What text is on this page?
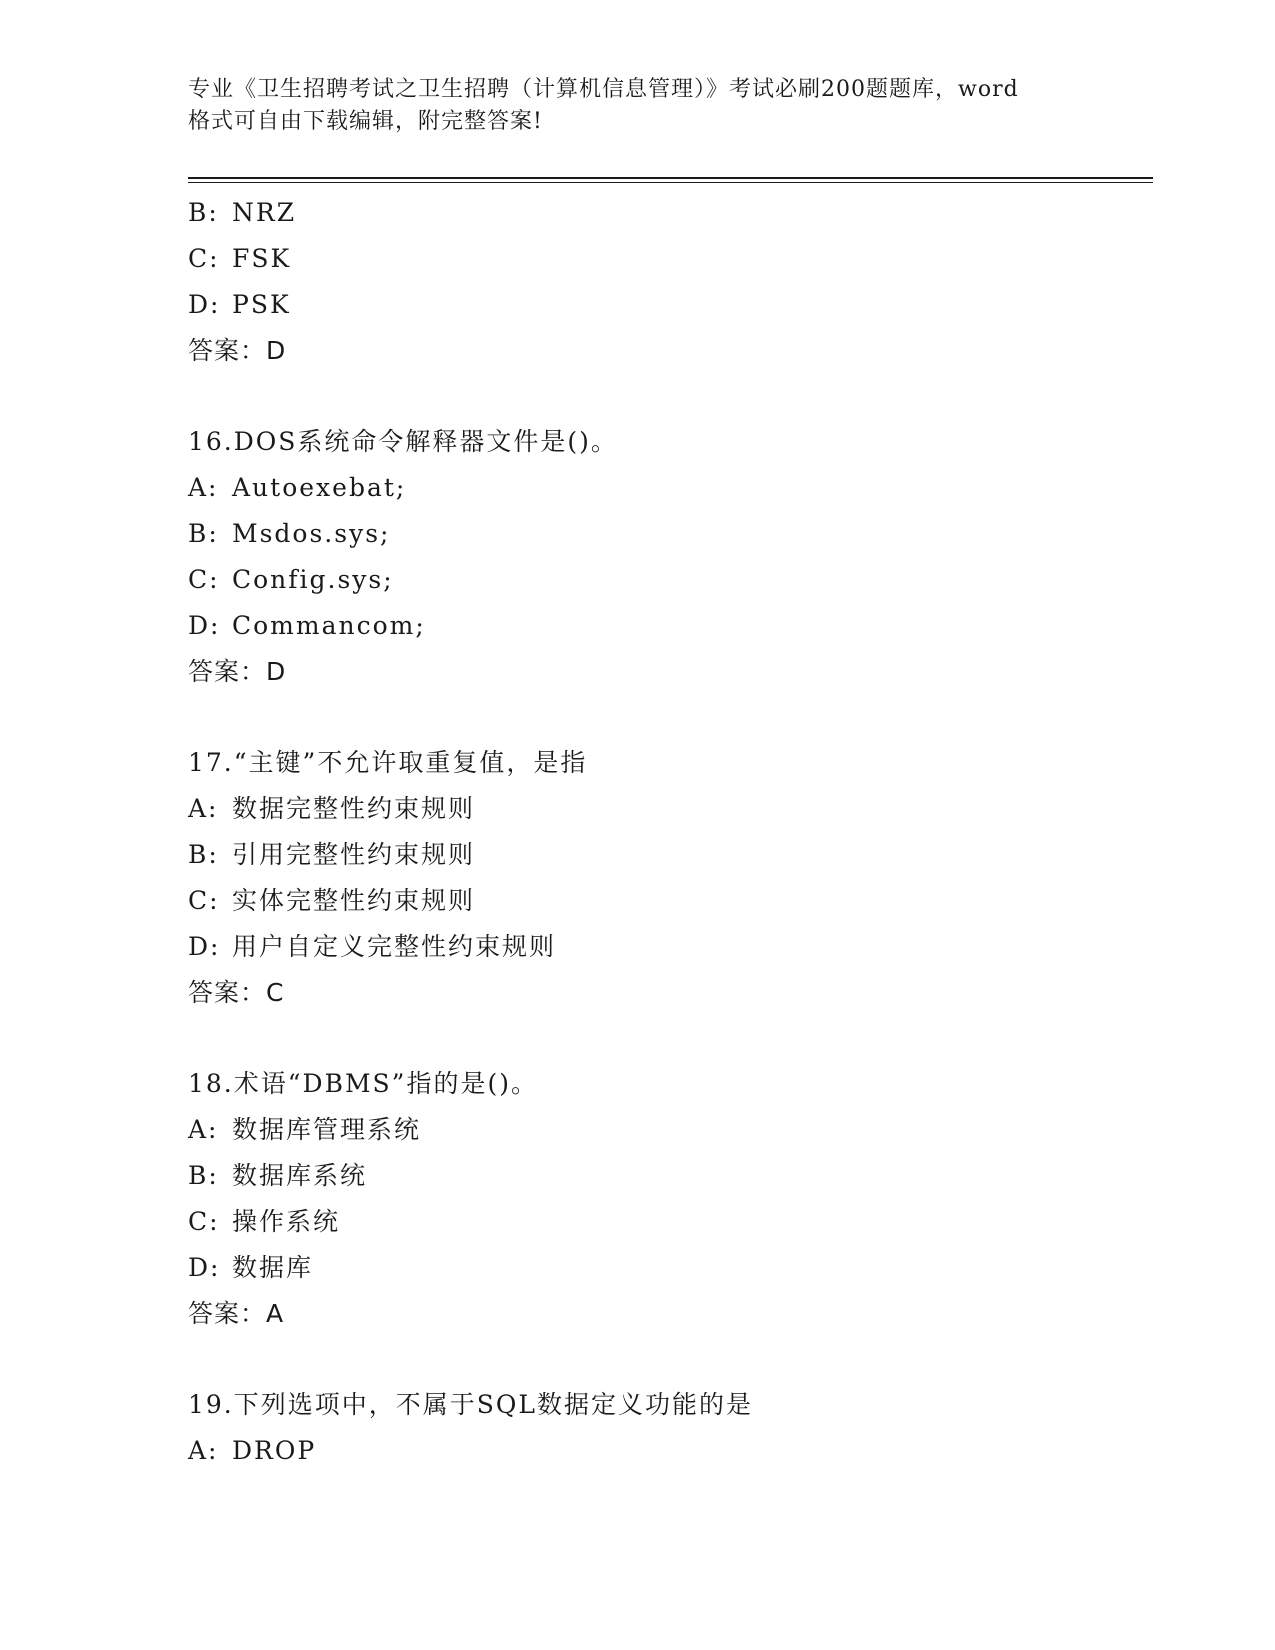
专业《卫生招聘考试之卫生招聘（计算机信息管理）》考试必刷200题题库，word
格式可自由下载编辑，附完整答案!
B: NRZ
C: FSK
D: PSK
答案：D
16.DOS系统命令解释器文件是()。
A: Autoexebat;
B: Msdos.sys;
C: Config.sys;
D: Commancom;
答案：D
17.“主键”不允许取重复值，是指
A: 数据完整性约束规则
B: 引用完整性约束规则
C: 实体完整性约束规则
D: 用户自定义完整性约束规则
答案：C
18.术语“DBMS”指的是()。
A: 数据库管理系统
B: 数据库系统
C: 操作系统
D: 数据库
答案：A
19.下列选项中，不属于SQL数据定义功能的是
A: DROP
